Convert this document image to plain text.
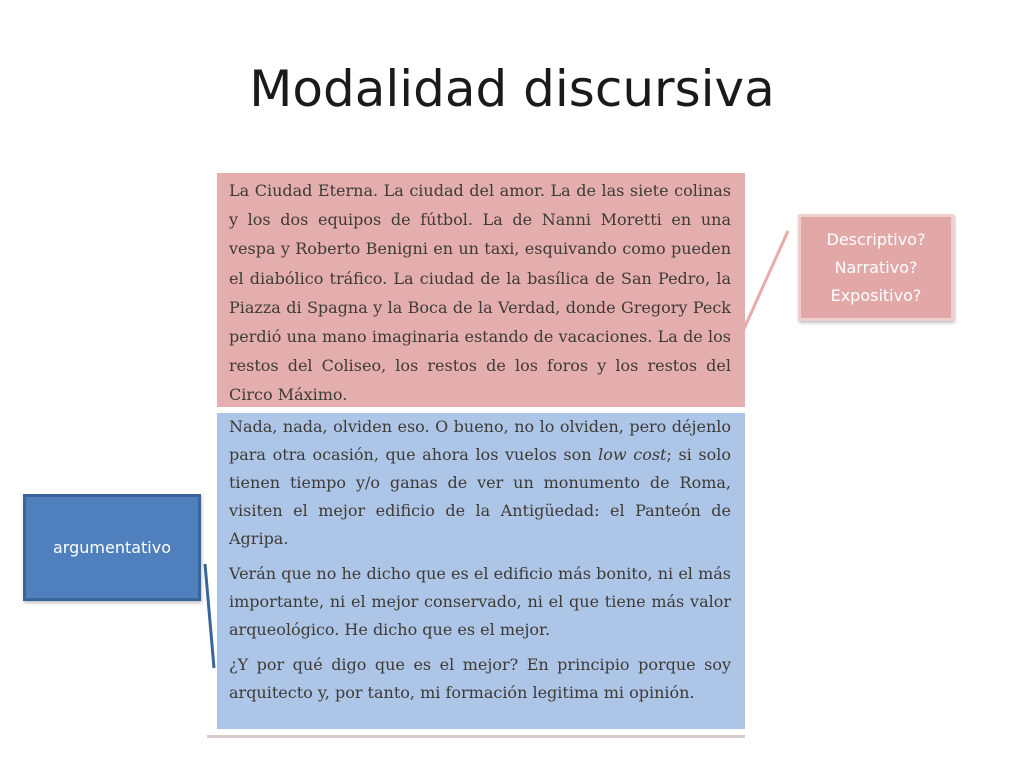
Modalidad discursiva
La Ciudad Eterna. La ciudad del amor. La de las siete colinas y los dos equipos de fútbol. La de Nanni Moretti en una vespa y Roberto Benigni en un taxi, esquivando como pueden el diabólico tráfico. La ciudad de la basílica de San Pedro, la Piazza di Spagna y la Boca de la Verdad, donde Gregory Peck perdió una mano imaginaria estando de vacaciones. La de los restos del Coliseo, los restos de los foros y los restos del Circo Máximo.

Nada, nada, olviden eso. O bueno, no lo olviden, pero déjenlo para otra ocasión, que ahora los vuelos son low cost; si solo tienen tiempo y/o ganas de ver un monumento de Roma, visiten el mejor edificio de la Antigüedad: el Panteón de Agripa.

Verán que no he dicho que es el edificio más bonito, ni el más importante, ni el mejor conservado, ni el que tiene más valor arqueológico. He dicho que es el mejor.

¿Y por qué digo que es el mejor? En principio porque soy arquitecto y, por tanto, mi formación legitima mi opinión.

Descriptivo?
Narrativo?
Expositivo?
argumentativo
